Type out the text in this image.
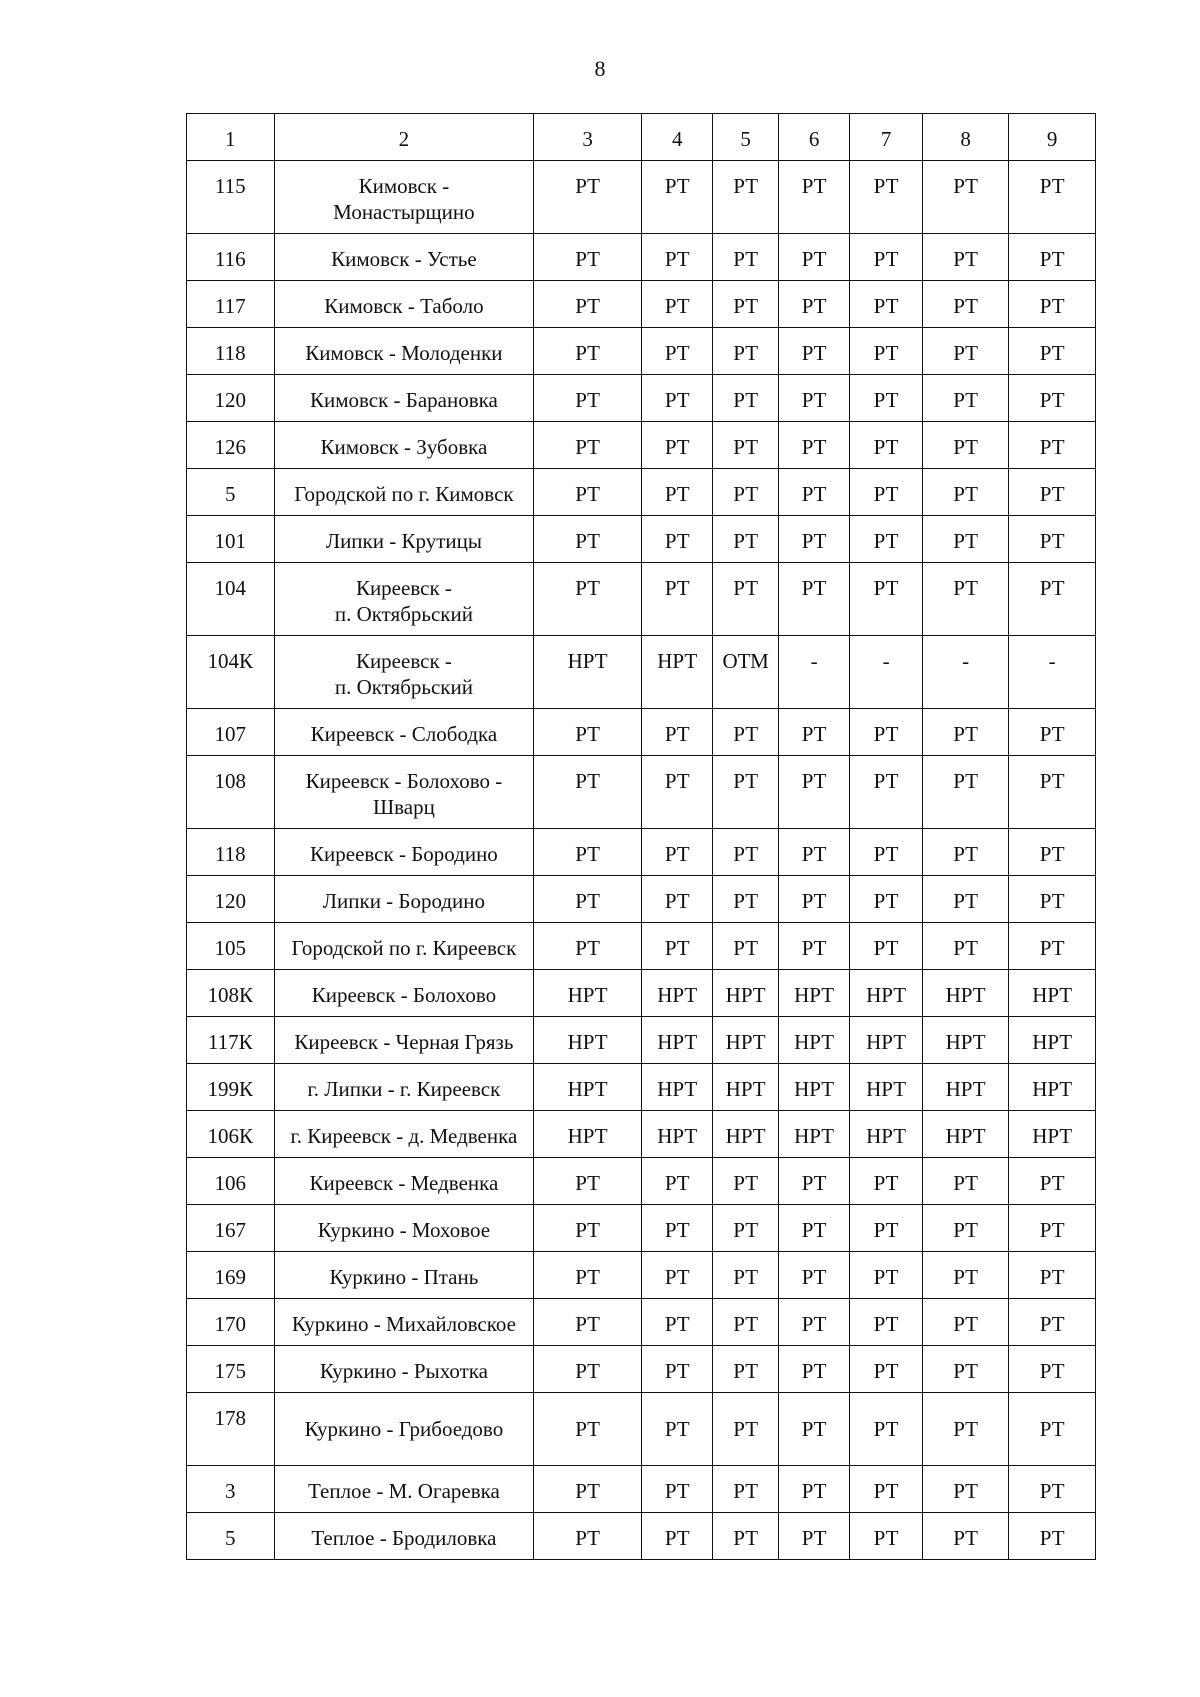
8
1	2	3	4	5	6	7	8	9
115	Кимовск -
Монастырщино	РТ	РТ	РТ	РТ	РТ	РТ	РТ
116	Кимовск - Устье	РТ	РТ	РТ	РТ	РТ	РТ	РТ
117	Кимовск - Таболо	РТ	РТ	РТ	РТ	РТ	РТ	РТ
118	Кимовск - Молоденки	РТ	РТ	РТ	РТ	РТ	РТ	РТ
120	Кимовск - Барановка	РТ	РТ	РТ	РТ	РТ	РТ	РТ
126	Кимовск - Зубовка	РТ	РТ	РТ	РТ	РТ	РТ	РТ
5	Городской по г. Кимовск	РТ	РТ	РТ	РТ	РТ	РТ	РТ
101	Липки - Крутицы	РТ	РТ	РТ	РТ	РТ	РТ	РТ
104	Киреевск -
п. Октябрьский	РТ	РТ	РТ	РТ	РТ	РТ	РТ
104К	Киреевск -
п. Октябрьский	НРТ	НРТ	ОТМ	-	-	-	-
107	Киреевск - Слободка	РТ	РТ	РТ	РТ	РТ	РТ	РТ
108	Киреевск - Болохово -
Шварц	РТ	РТ	РТ	РТ	РТ	РТ	РТ
118	Киреевск - Бородино	РТ	РТ	РТ	РТ	РТ	РТ	РТ
120	Липки - Бородино	РТ	РТ	РТ	РТ	РТ	РТ	РТ
105	Городской по г. Киреевск	РТ	РТ	РТ	РТ	РТ	РТ	РТ
108К	Киреевск - Болохово	НРТ	НРТ	НРТ	НРТ	НРТ	НРТ	НРТ
117К	Киреевск - Черная Грязь	НРТ	НРТ	НРТ	НРТ	НРТ	НРТ	НРТ
199К	г. Липки - г. Киреевск	НРТ	НРТ	НРТ	НРТ	НРТ	НРТ	НРТ
106К	г. Киреевск - д. Медвенка	НРТ	НРТ	НРТ	НРТ	НРТ	НРТ	НРТ
106	Киреевск - Медвенка	РТ	РТ	РТ	РТ	РТ	РТ	РТ
167	Куркино - Моховое	РТ	РТ	РТ	РТ	РТ	РТ	РТ
169	Куркино - Птань	РТ	РТ	РТ	РТ	РТ	РТ	РТ
170	Куркино - Михайловское	РТ	РТ	РТ	РТ	РТ	РТ	РТ
175	Куркино - Рыхотка	РТ	РТ	РТ	РТ	РТ	РТ	РТ
178	Куркино - Грибоедово	РТ	РТ	РТ	РТ	РТ	РТ	РТ
3	Теплое - М. Огаревка	РТ	РТ	РТ	РТ	РТ	РТ	РТ
5	Теплое - Бродиловка	РТ	РТ	РТ	РТ	РТ	РТ	РТ
